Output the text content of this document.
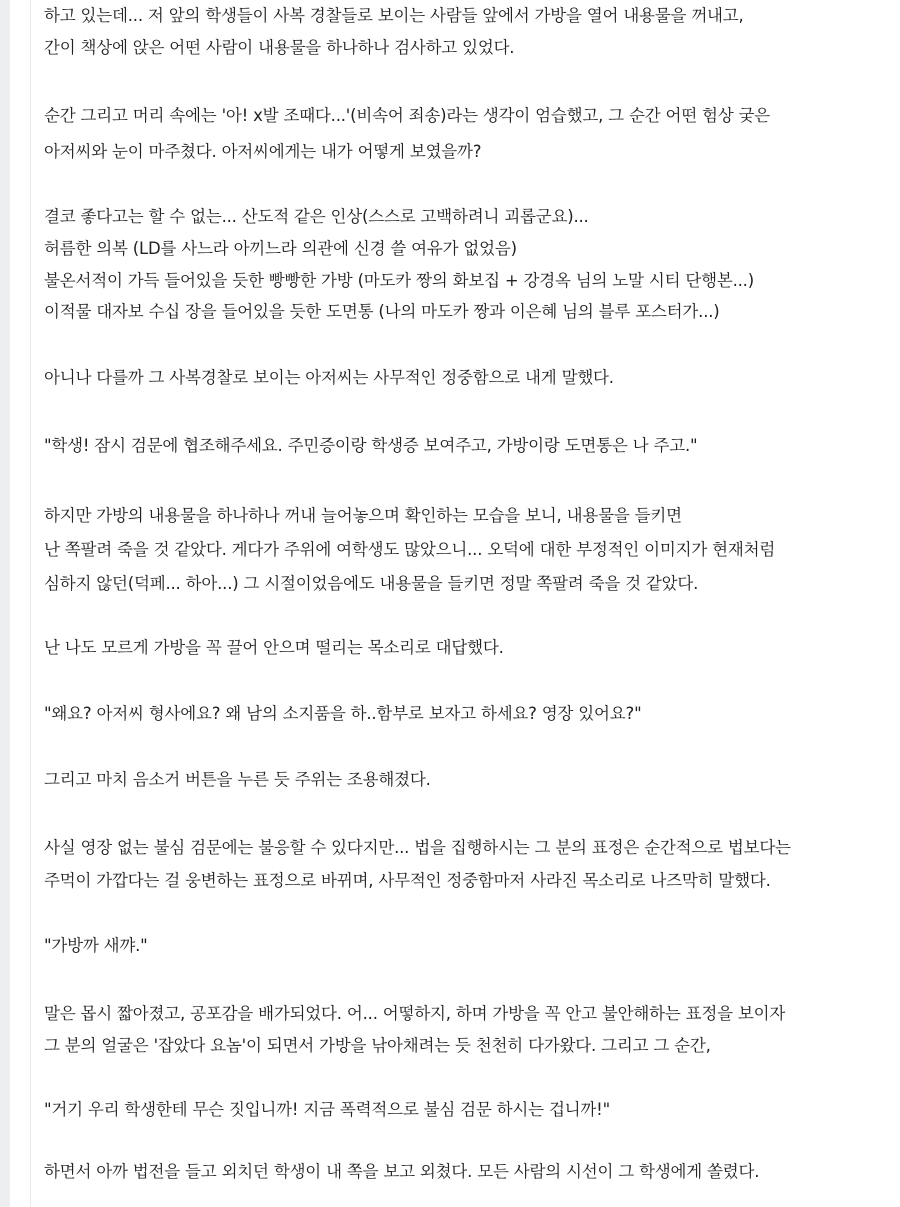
하고 있는데... 저 앞의 학생들이 사복 경찰들로 보이는 사람들 앞에서 가방을 열어 내용물을 꺼내고,
간이 책상에 앉은 어떤 사람이 내용물을 하나하나 검사하고 있었다.
순간 그리고 머리 속에는 '아! x발 조때다...'(비속어 죄송)라는 생각이 엄습했고, 그 순간 어떤 험상 궂은
아저씨와 눈이 마주쳤다. 아저씨에게는 내가 어떻게 보였을까?
결코 좋다고는 할 수 없는... 산도적 같은 인상(스스로 고백하려니 괴롭군요)...
허름한 의복 (LD를 사느라 아끼느라 의관에 신경 쓸 여유가 없었음)
불온서적이 가득 들어있을 듯한 빵빵한 가방 (마도카 짱의 화보집 + 강경옥 님의 노말 시티 단행본...)
이적물 대자보 수십 장을 들어있을 듯한 도면통 (나의 마도카 짱과 이은혜 님의 블루 포스터가...)
아니나 다를까 그 사복경찰로 보이는 아저씨는 사무적인 정중함으로 내게 말했다.
"학생! 잠시 검문에 협조해주세요. 주민증이랑 학생증 보여주고, 가방이랑 도면통은 나 주고."
하지만 가방의 내용물을 하나하나 꺼내 늘어놓으며 확인하는 모습을 보니, 내용물을 들키면
난 쪽팔려 죽을 것 같았다. 게다가 주위에 여학생도 많았으니... 오덕에 대한 부정적인 이미지가 현재처럼
심하지 않던(덕페... 하아...) 그 시절이었음에도 내용물을 들키면 정말 쪽팔려 죽을 것 같았다.
난 나도 모르게 가방을 꼭 끌어 안으며 떨리는 목소리로 대답했다.
"왜요? 아저씨 형사에요? 왜 남의 소지품을 하..함부로 보자고 하세요? 영장 있어요?"
그리고 마치 음소거 버튼을 누른 듯 주위는 조용해졌다.
사실 영장 없는 불심 검문에는 불응할 수 있다지만... 법을 집행하시는 그 분의 표정은 순간적으로 법보다는
주먹이 가깝다는 걸 웅변하는 표정으로 바뀌며, 사무적인 정중함마저 사라진 목소리로 나즈막히 말했다.
"가방까 새꺄."
말은 몹시 짧아졌고, 공포감을 배가되었다. 어... 어떻하지, 하며 가방을 꼭 안고 불안해하는 표정을 보이자
그 분의 얼굴은 '잡았다 요놈'이 되면서 가방을 낚아채려는 듯 천천히 다가왔다. 그리고 그 순간,
"거기 우리 학생한테 무슨 짓입니까! 지금 폭력적으로 불심 검문 하시는 겁니까!"
하면서 아까 법전을 들고 외치던 학생이 내 쪽을 보고 외쳤다. 모든 사람의 시선이 그 학생에게 쏠렸다.
